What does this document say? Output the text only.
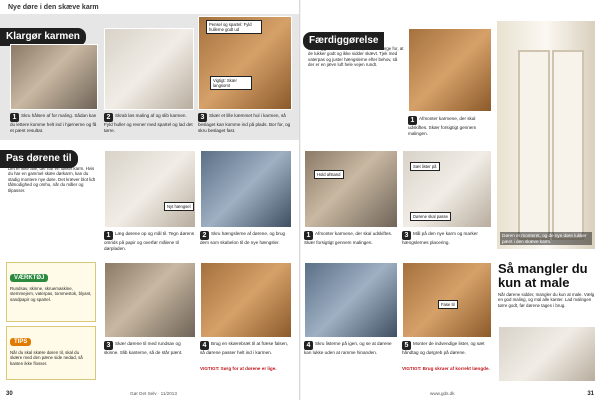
Nye døre i den skæve karm
Klargør karmen
Pensel og spartel: Fyld hullerne godt ud
Vigtigt: Skær langsomt
1 Skru hålsen af for maling. Sådan kan du lettere komme helt ind i hjørnerne og få et pænt resultat.
2 Skrab løs maling af og slib karmen. Fyld huller og revner med spartel og lad det tørre.
3 Skær et lille kæmmet hul i karmen, så beslaget kan komme ind på plads. Bor for, og skru beslaget fast.
Pas dørene til
Det er ikke alle, der har en lukket karm. Hvis du har en gammel skæv dørkarm, kan du stadig montere nye døre. Det kræver blot lidt tålmodighed og omhu, når du måler og tilpasser.
Nyt hængsel
1 Læg dørene op og mål til. Tegn dørens omrids på papir og overfør målene til dørpladen.
2 Skru hængslerne af dørene, og brug dem som skabelon til de nye hængsler.
VÆRKTØJ
Rundsav, skinne, skruemaskine, stemmejern, vaterpas, tommestok, blyant, sandpapir og spartel.
TIPS
Når du skal skære døren til, skal du skære med den pæne side nedad, så kanten ikke flosser.
3 Skær dørene til med rundsav og skinne. Slib kanterne, så de står pænt.
4 Brug en skærebræt til at fræse falsen, så dørene passer helt ind i karmen.
VIGTIGT: Sørg for at dørene er lige.
30	Gør Det Selv · 11/2013
Færdiggørelse
Når begge døre er monteret, skal du sørge for, at de lukker godt og ikke sidder skævt. Tjek med vaterpas og juster hængslerne efter behov, så der er en jævn luft hele vejen rundt.
1 Afmonter karmene, der skal udskiftes. Skær forsigtigt gennem malingen.
Døren er monteret, og de nye døre lukker pænt i den skæve karm.
Hold afstand
Sæt lister på
Dørene skal passe
1 Afmonter karmene, der skal udskiftes. Skær forsigtigt gennem malingen.
3 Mål på den nye karm og marker hængslernes placering.
Fase til
4 Skru listerne på igen, og se at dørene kan lukke uden at ramme hinanden.
5 Monter de indvendige lister, og sæt håndtag og dørgreb på dørene.
VIGTIGT: Brug skruer af korrekt længde.
Så mangler du kun at male
Når dørene sidder, mangler du kun at male. Vælg en god maling, og mal alle kanter. Lad malingen tørre godt, før dørene tages i brug.
www.gds.dk	31
